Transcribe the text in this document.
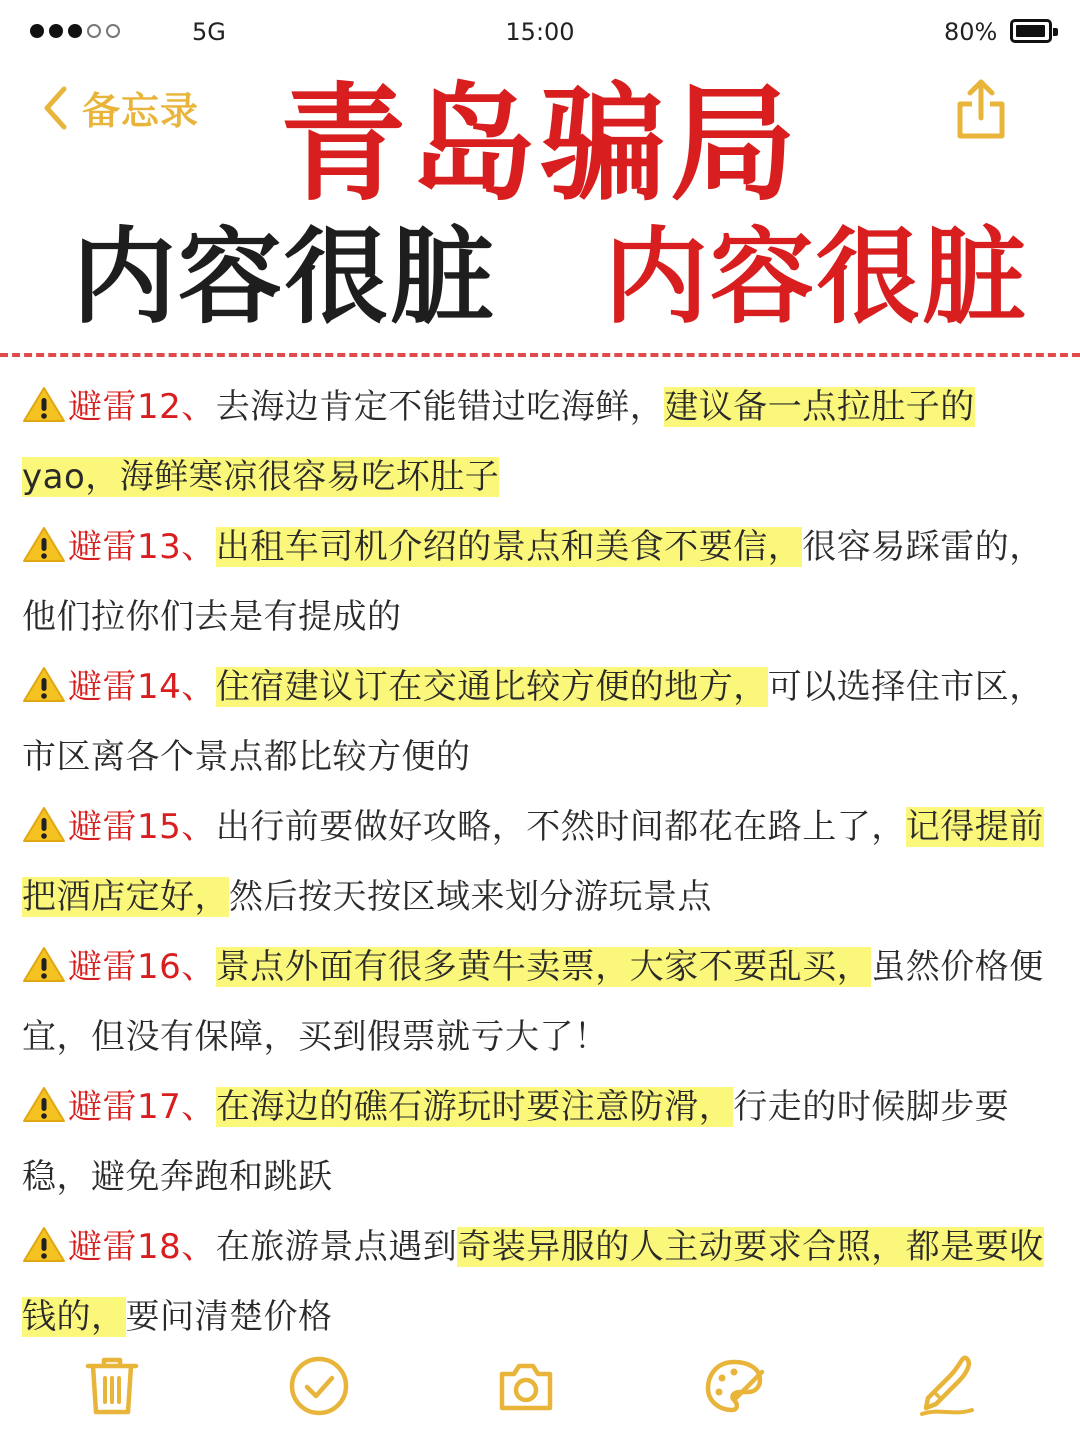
5G	15:00	80%
备忘录 青岛骗局
内容很脏 内容很脏
避雷12、去海边肯定不能错过吃海鲜，建议备一点拉肚子的yao，海鲜寒凉很容易吃坏肚子
避雷13、出租车司机介绍的景点和美食不要信，很容易踩雷的，他们拉你们去是有提成的
避雷14、住宿建议订在交通比较方便的地方，可以选择住市区，市区离各个景点都比较方便的
避雷15、出行前要做好攻略，不然时间都花在路上了，记得提前把酒店定好，然后按天按区域来划分游玩景点
避雷16、景点外面有很多黄牛卖票，大家不要乱买，虽然价格便宜，但没有保障，买到假票就亏大了！
避雷17、在海边的礁石游玩时要注意防滑，行走的时候脚步要稳，避免奔跑和跳跃
避雷18、在旅游景点遇到奇装异服的人主动要求合照，都是要收钱的，要问清楚价格
